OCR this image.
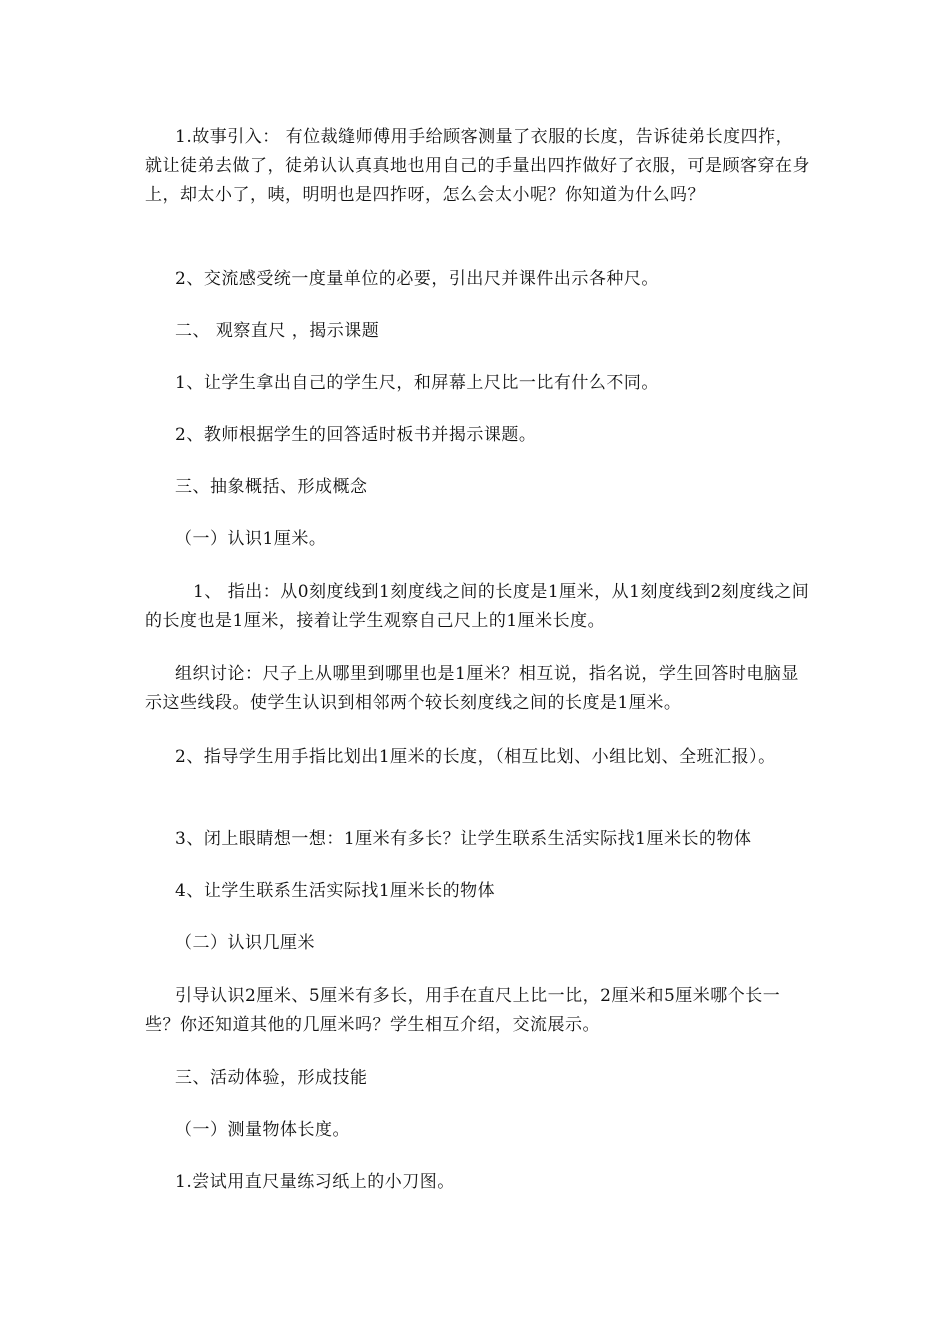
1.故事引入： 有位裁缝师傅用手给顾客测量了衣服的长度，告诉徒弟长度四拃，就让徒弟去做了，徒弟认认真真地也用自己的手量出四拃做好了衣服，可是顾客穿在身上，却太小了，咦，明明也是四拃呀，怎么会太小呢？你知道为什么吗？

2、交流感受统一度量单位的必要，引出尺并课件出示各种尺。

二、 观察直尺 ，揭示课题

1、让学生拿出自己的学生尺，和屏幕上尺比一比有什么不同。

2、教师根据学生的回答适时板书并揭示课题。

三、抽象概括、形成概念

（一）认识1厘米。

1、 指出：从0刻度线到1刻度线之间的长度是1厘米，从1刻度线到2刻度线之间的长度也是1厘米，接着让学生观察自己尺上的1厘米长度。

组织讨论：尺子上从哪里到哪里也是1厘米？相互说，指名说，学生回答时电脑显示这些线段。使学生认识到相邻两个较长刻度线之间的长度是1厘米。

2、指导学生用手指比划出1厘米的长度，（相互比划、小组比划、全班汇报）。

3、闭上眼睛想一想：1厘米有多长？让学生联系生活实际找1厘米长的物体

4、让学生联系生活实际找1厘米长的物体

（二）认识几厘米

引导认识2厘米、5厘米有多长，用手在直尺上比一比，2厘米和5厘米哪个长一些？你还知道其他的几厘米吗？学生相互介绍，交流展示。

三、活动体验，形成技能

（一）测量物体长度。

1.尝试用直尺量练习纸上的小刀图。
